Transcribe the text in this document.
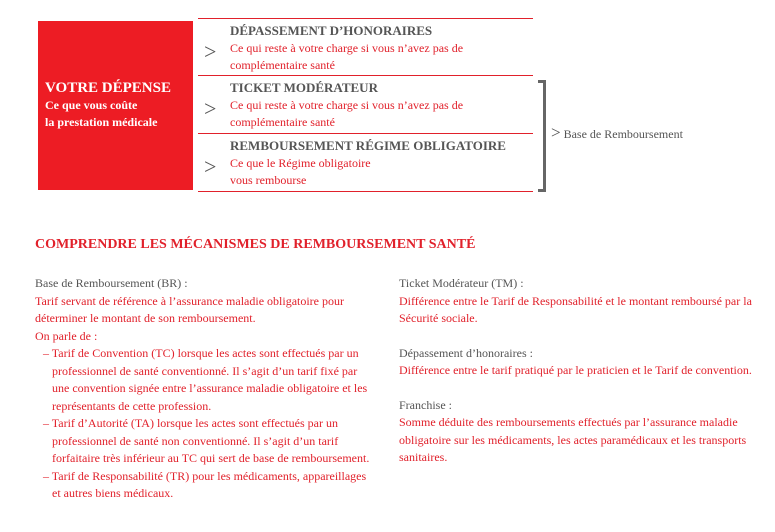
VOTRE DÉPENSE
Ce que vous coûte
la prestation médicale
>
DÉPASSEMENT D’HONORAIRES
Ce qui reste à votre charge si vous n’avez pas de
complémentaire santé
>
TICKET MODÉRATEUR
Ce qui reste à votre charge si vous n’avez pas de
complémentaire santé
>
REMBOURSEMENT RÉGIME OBLIGATOIRE
Ce que le Régime obligatoire
vous rembourse
> Base de Remboursement
COMPRENDRE LES MÉCANISMES DE REMBOURSEMENT SANTÉ

Base de Remboursement (BR) :

Tarif servant de référence à l’assurance maladie obligatoire pour déterminer le montant de son remboursement.

On parle de :

– Tarif de Convention (TC) lorsque les actes sont effectués par un professionnel de santé conventionné. Il s’agit d’un tarif fixé par une convention signée entre l’assurance maladie obligatoire et les représentants de cette profession.

– Tarif d’Autorité (TA) lorsque les actes sont effectués par un professionnel de santé non conventionné. Il s’agit d’un tarif forfaitaire très inférieur au TC qui sert de base de remboursement.

– Tarif de Responsabilité (TR) pour les médicaments, appareillages et autres biens médicaux.

Ticket Modérateur (TM) :

Différence entre le Tarif de Responsabilité et le montant remboursé par la Sécurité sociale.

Dépassement d’honoraires :

Différence entre le tarif pratiqué par le praticien et le Tarif de convention.

Franchise :

Somme déduite des remboursements effectués par l’assurance maladie obligatoire sur les médicaments, les actes paramédicaux et les transports sanitaires.
